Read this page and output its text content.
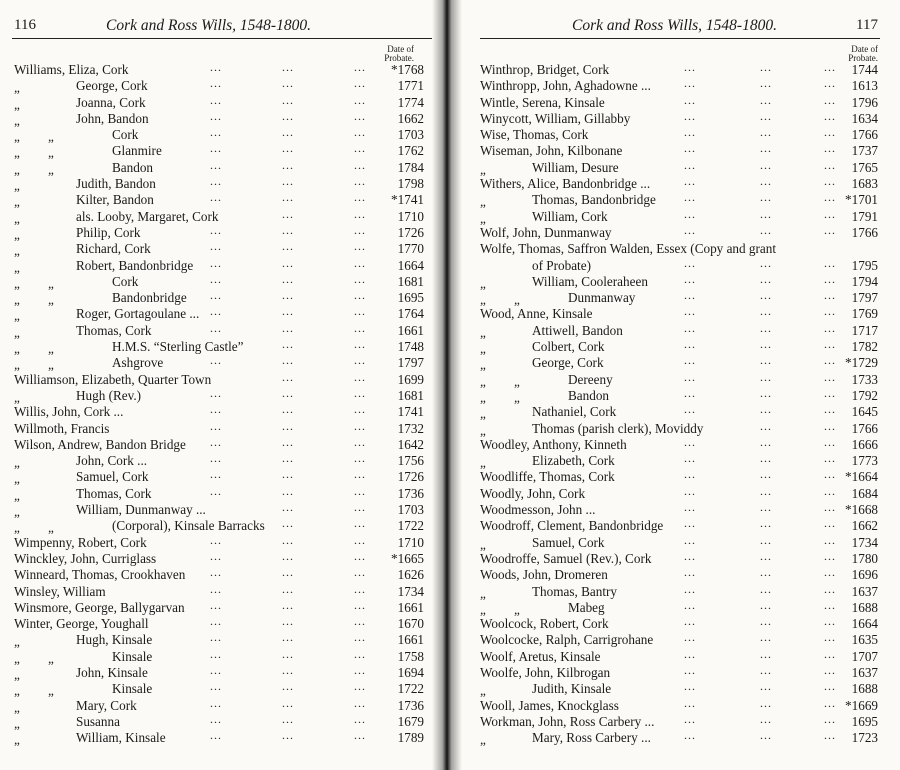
116	Cork and Ross Wills, 1548-1800.
Date of
Probate.
Williams, Eliza, Cork	...	...	... *1768
„	George, Cork	...	...	... 1771
„	Joanna, Cork	...	...	... 1774
„	John, Bandon	...	...	... 1662
„ „	Cork	...	...	... 1703
„ „	Glanmire	...	...	... 1762
„ „	Bandon	...	...	... 1784
„	Judith, Bandon	...	...	... 1798
„	Kilter, Bandon	...	...	... *1741
„	als. Looby, Margaret, Cork	...	... 1710
„	Philip, Cork	...	...	... 1726
„	Richard, Cork	...	...	... 1770
„	Robert, Bandonbridge ...	...	... 1664
„ „	Cork	...	...	... 1681
„ „	Bandonbridge ...	...	... 1695
„	Roger, Gortagoulane ... ...	...	... 1764
„	Thomas, Cork	...	...	... 1661
„ „	H.M.S. “Sterling Castle”	...	... 1748
„ „	Ashgrove	...	...	... 1797
Williamson, Elizabeth, Quarter Town	...	... 1699
„	Hugh (Rev.)	...	...	... 1681
Willis, John, Cork ...	...	...	... 1741
Willmoth, Francis	...	...	... 1732
Wilson, Andrew, Bandon Bridge ...	...	... 1642
„	John, Cork ...	...	...	... 1756
„	Samuel, Cork	...	...	... 1726
„	Thomas, Cork	...	...	... 1736
„	William, Dunmanway ...	...	... 1703
„ „	(Corporal), Kinsale Barracks ...	... 1722
Wimpenny, Robert, Cork	...	...	... 1710
Winckley, John, Curriglass	...	...	... *1665
Winneard, Thomas, Crookhaven ...	...	... 1626
Winsley, William	...	...	... 1734
Winsmore, George, Ballygarvan ...	...	... 1661
Winter, George, Youghall	...	...	... 1670
„	Hugh, Kinsale	...	...	... 1661
„ „	Kinsale	...	...	... 1758
„	John, Kinsale	...	...	... 1694
„ „	Kinsale	...	...	... 1722
„	Mary, Cork	...	...	... 1736
„	Susanna	...	...	... 1679
„	William, Kinsale	...	...	... 1789
Cork and Ross Wills, 1548-1800.	117
Date of
Probate.
Winthrop, Bridget, Cork	...	...	... 1744
Winthropp, John, Aghadowne ...	...	...	... 1613
Wintle, Serena, Kinsale	...	...	... 1796
Winycott, William, Gillabby	...	...	... 1634
Wise, Thomas, Cork	...	...	... 1766
Wiseman, John, Kilbonane	...	...	... 1737
„	William, Desure	...	...	... 1765
Withers, Alice, Bandonbridge ...	...	...	... 1683
„	Thomas, Bandonbridge ...	...	... *1701
„	William, Cork	...	...	... 1791
Wolf, John, Dunmanway	...	...	... 1766
Wolfe, Thomas, Saffron Walden, Essex (Copy and grant
of Probate)	...	...	... 1795
„	William, Cooleraheen	...	...	... 1794
„ „	Dunmanway	...	...	... 1797
Wood, Anne, Kinsale	...	...	... 1769
„	Attiwell, Bandon	...	...	... 1717
„	Colbert, Cork	...	...	... 1782
„	George, Cork	...	...	... *1729
„ „	Dereeny	...	...	... 1733
„ „	Bandon	...	...	... 1792
„	Nathaniel, Cork	...	...	... 1645
„	Thomas (parish clerk), Moviddy	...	... 1766
Woodley, Anthony, Kinneth	...	...	... 1666
„	Elizabeth, Cork	...	...	... 1773
Woodliffe, Thomas, Cork	...	...	... *1664
Woodly, John, Cork	...	...	... 1684
Woodmesson, John ...	...	...	... *1668
Woodroff, Clement, Bandonbridge ...	...	... 1662
„	Samuel, Cork	...	...	... 1734
Woodroffe, Samuel (Rev.), Cork	...	...	... 1780
Woods, John, Dromeren	...	...	... 1696
„	Thomas, Bantry	...	...	... 1637
„ „	Mabeg	...	...	... 1688
Woolcock, Robert, Cork	...	...	... 1664
Woolcocke, Ralph, Carrigrohane	...	...	... 1635
Woolf, Aretus, Kinsale	...	...	... 1707
Woolfe, John, Kilbrogan	...	...	... 1637
„	Judith, Kinsale	...	...	... 1688
Wooll, James, Knockglass	...	...	... *1669
Workman, John, Ross Carbery ... ...	...	... 1695
„	Mary, Ross Carbery ...	...	...	... 1723
